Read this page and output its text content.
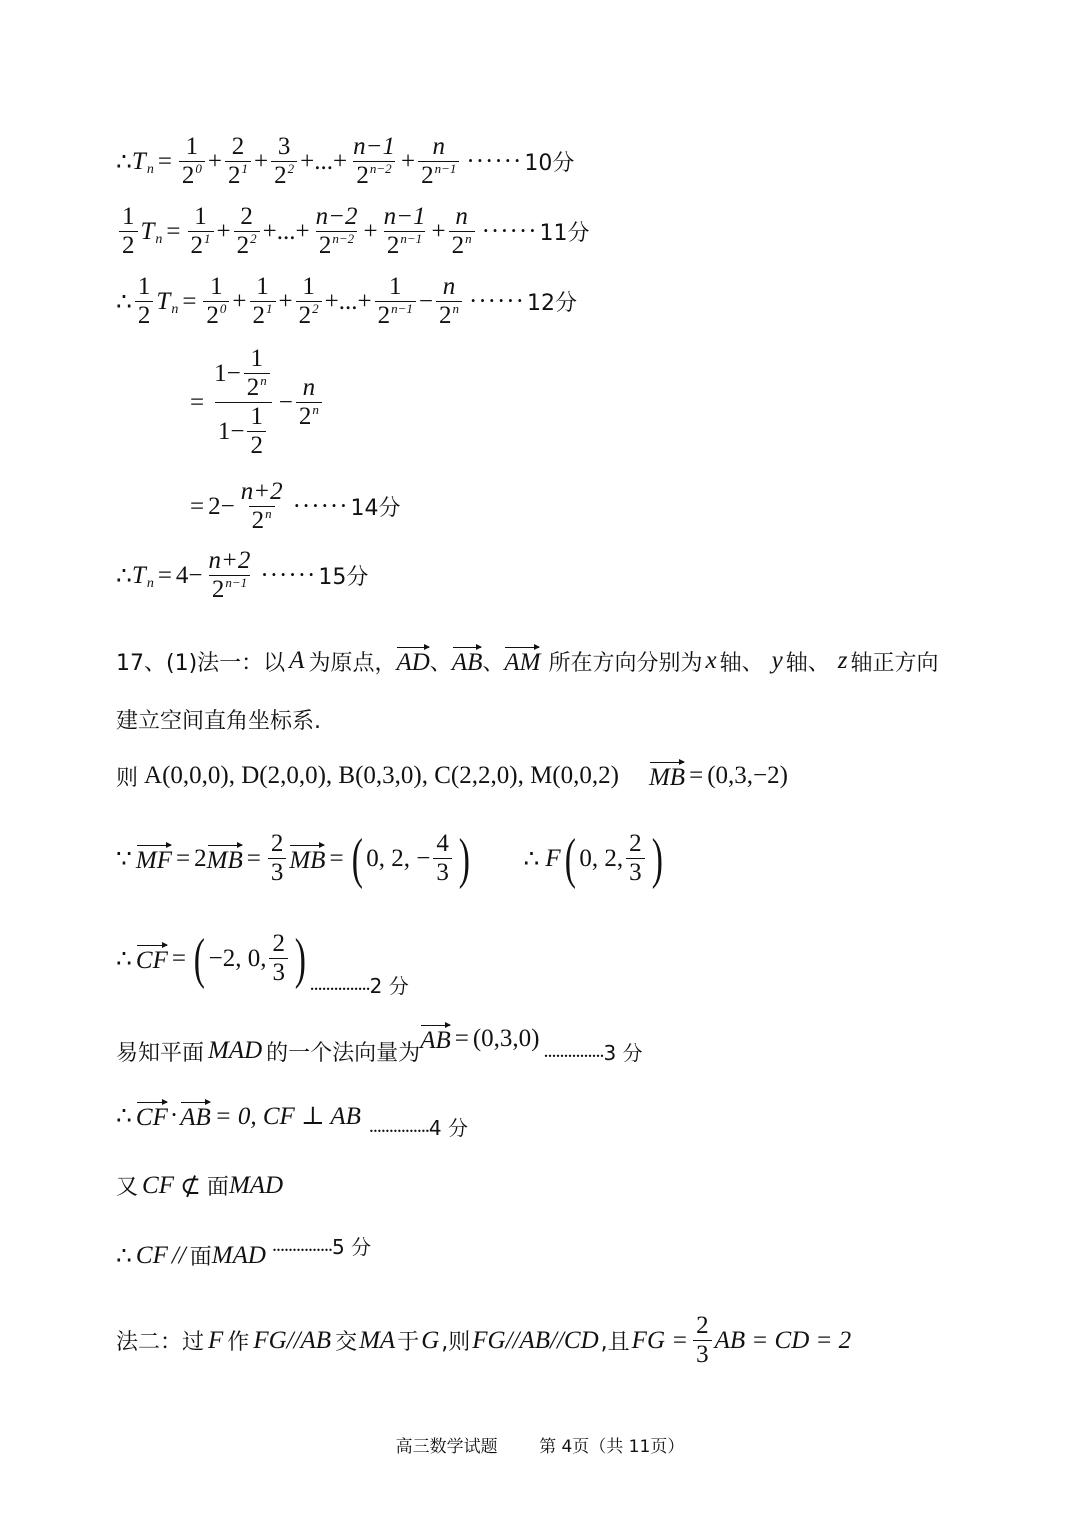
∴ T $n = \frac{1}{2^0} + \frac{2}{2^1} + \frac{3}{2^2}$ + ... + $\frac{n-1}{2^{n-2}} + \frac{n}{2^{n-1}}$ ······ 10分
$\frac{1}{2}$ T $n = \frac{1}{2^1} + \frac{2}{2^2}$ + ... + $\frac{n-2}{2^{n-2}} + \frac{n-1}{2^{n-1}} + \frac{n}{2^n}$ ······ 11分
∴ $\frac{1}{2}$ T $n = \frac{1}{2^0} + \frac{1}{2^1} + \frac{1}{2^2}$ + ... + $\frac{1}{2^{n-1}} - \frac{n}{2^n}$ ······ 12分
= $\frac{1 - \frac{1}{2^n}}{1 - \frac{1}{2}} - \frac{n}{2^n}$
= $2 - \frac{n+2}{2^n}$ ······ 14分
∴ T $n = 4 - \frac{n+2}{2^{n-1}}$ ······ 15分
17、(1)法一：以 A 为原点， AD 、 AB 、 AM 所在方向分别为 x 轴、 y 轴、 z 轴正方向
建立空间直角坐标系.
则 A(0,0,0), D(2,0,0), B(0,3,0), C(2,2,0), M(0,0,2) MB = (0,3,−2)
∵ MF = 2 MB = $\frac{2}{3}$ MB = ( 0, 2, − $\frac{4}{3}$ ) ∴ F ( 0, 2, $\frac{2}{3}$ )
∴ CF = ( −2, 0, $\frac{2}{3}$ ) ............... 2 分
易知平面 MAD 的一个法向量为 AB = (0,3,0) ............... 3 分
∴ CF · AB = 0, CF ⊥ AB ............... 4 分
又 CF ⊄ 面 MAD
∴ CF // 面 MAD ............... 5 分
法二：过 F 作 FG//AB 交 MA 于 G ,则 FG//AB//CD ,且 FG = $\frac{2}{3}$ AB = CD = 2
高三数学试题 第 4页（共 11页）
